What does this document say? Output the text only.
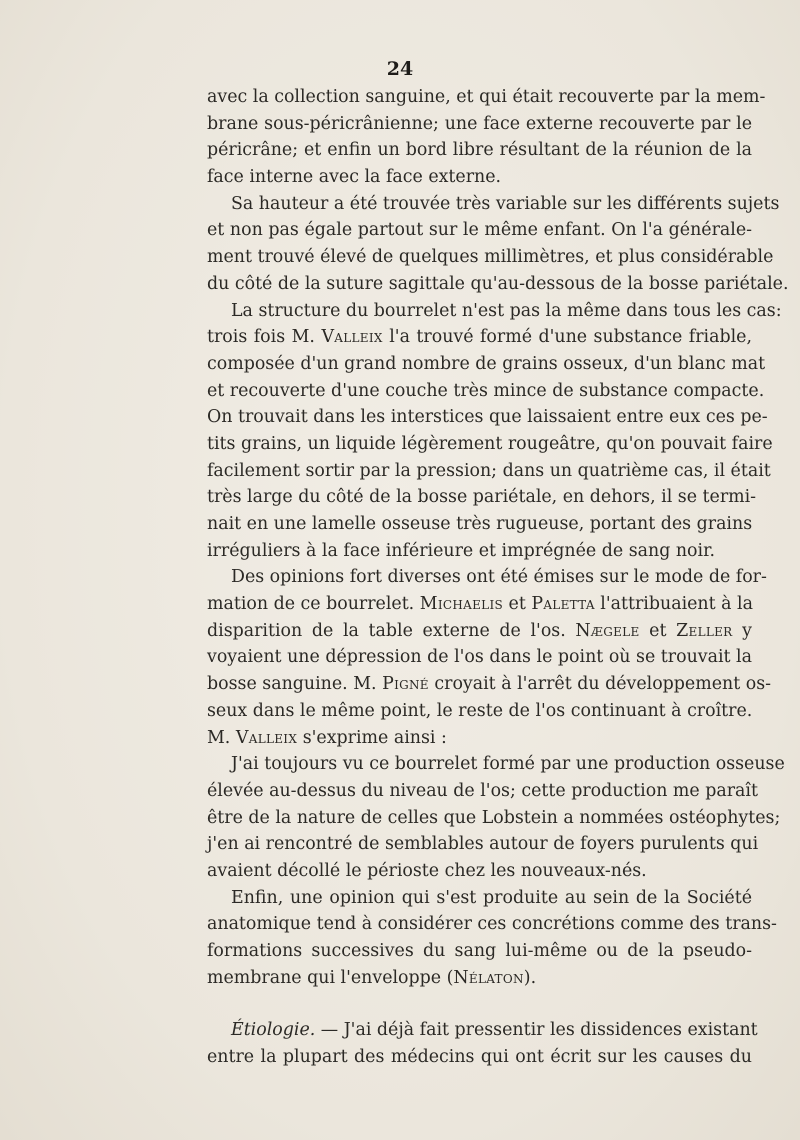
24
avec la collection sanguine, et qui était recouverte par la mem-
brane sous-péricrânienne; une face externe recouverte par le
péricrâne; et enfin un bord libre résultant de la réunion de la
face interne avec la face externe.
Sa hauteur a été trouvée très variable sur les différents sujets
et non pas égale partout sur le même enfant. On l'a générale-
ment trouvé élevé de quelques millimètres, et plus considérable
du côté de la suture sagittale qu'au-dessous de la bosse pariétale.
La structure du bourrelet n'est pas la même dans tous les cas:
trois fois M. Valleix l'a trouvé formé d'une substance friable,
composée d'un grand nombre de grains osseux, d'un blanc mat
et recouverte d'une couche très mince de substance compacte.
On trouvait dans les interstices que laissaient entre eux ces pe-
tits grains, un liquide légèrement rougeâtre, qu'on pouvait faire
facilement sortir par la pression; dans un quatrième cas, il était
très large du côté de la bosse pariétale, en dehors, il se termi-
nait en une lamelle osseuse très rugueuse, portant des grains
irréguliers à la face inférieure et imprégnée de sang noir.
Des opinions fort diverses ont été émises sur le mode de for-
mation de ce bourrelet. Michaelis et Paletta l'attribuaient à la
disparition de la table externe de l'os. Nægele et Zeller y
voyaient une dépression de l'os dans le point où se trouvait la
bosse sanguine. M. Pigné croyait à l'arrêt du développement os-
seux dans le même point, le reste de l'os continuant à croître.
M. Valleix s'exprime ainsi :
J'ai toujours vu ce bourrelet formé par une production osseuse
élevée au-dessus du niveau de l'os; cette production me paraît
être de la nature de celles que Lobstein a nommées ostéophytes;
j'en ai rencontré de semblables autour de foyers purulents qui
avaient décollé le périoste chez les nouveaux-nés.
Enfin, une opinion qui s'est produite au sein de la Société
anatomique tend à considérer ces concrétions comme des trans-
formations successives du sang lui-même ou de la pseudo-
membrane qui l'enveloppe (Nélaton).
Étiologie. — J'ai déjà fait pressentir les dissidences existant
entre la plupart des médecins qui ont écrit sur les causes du
